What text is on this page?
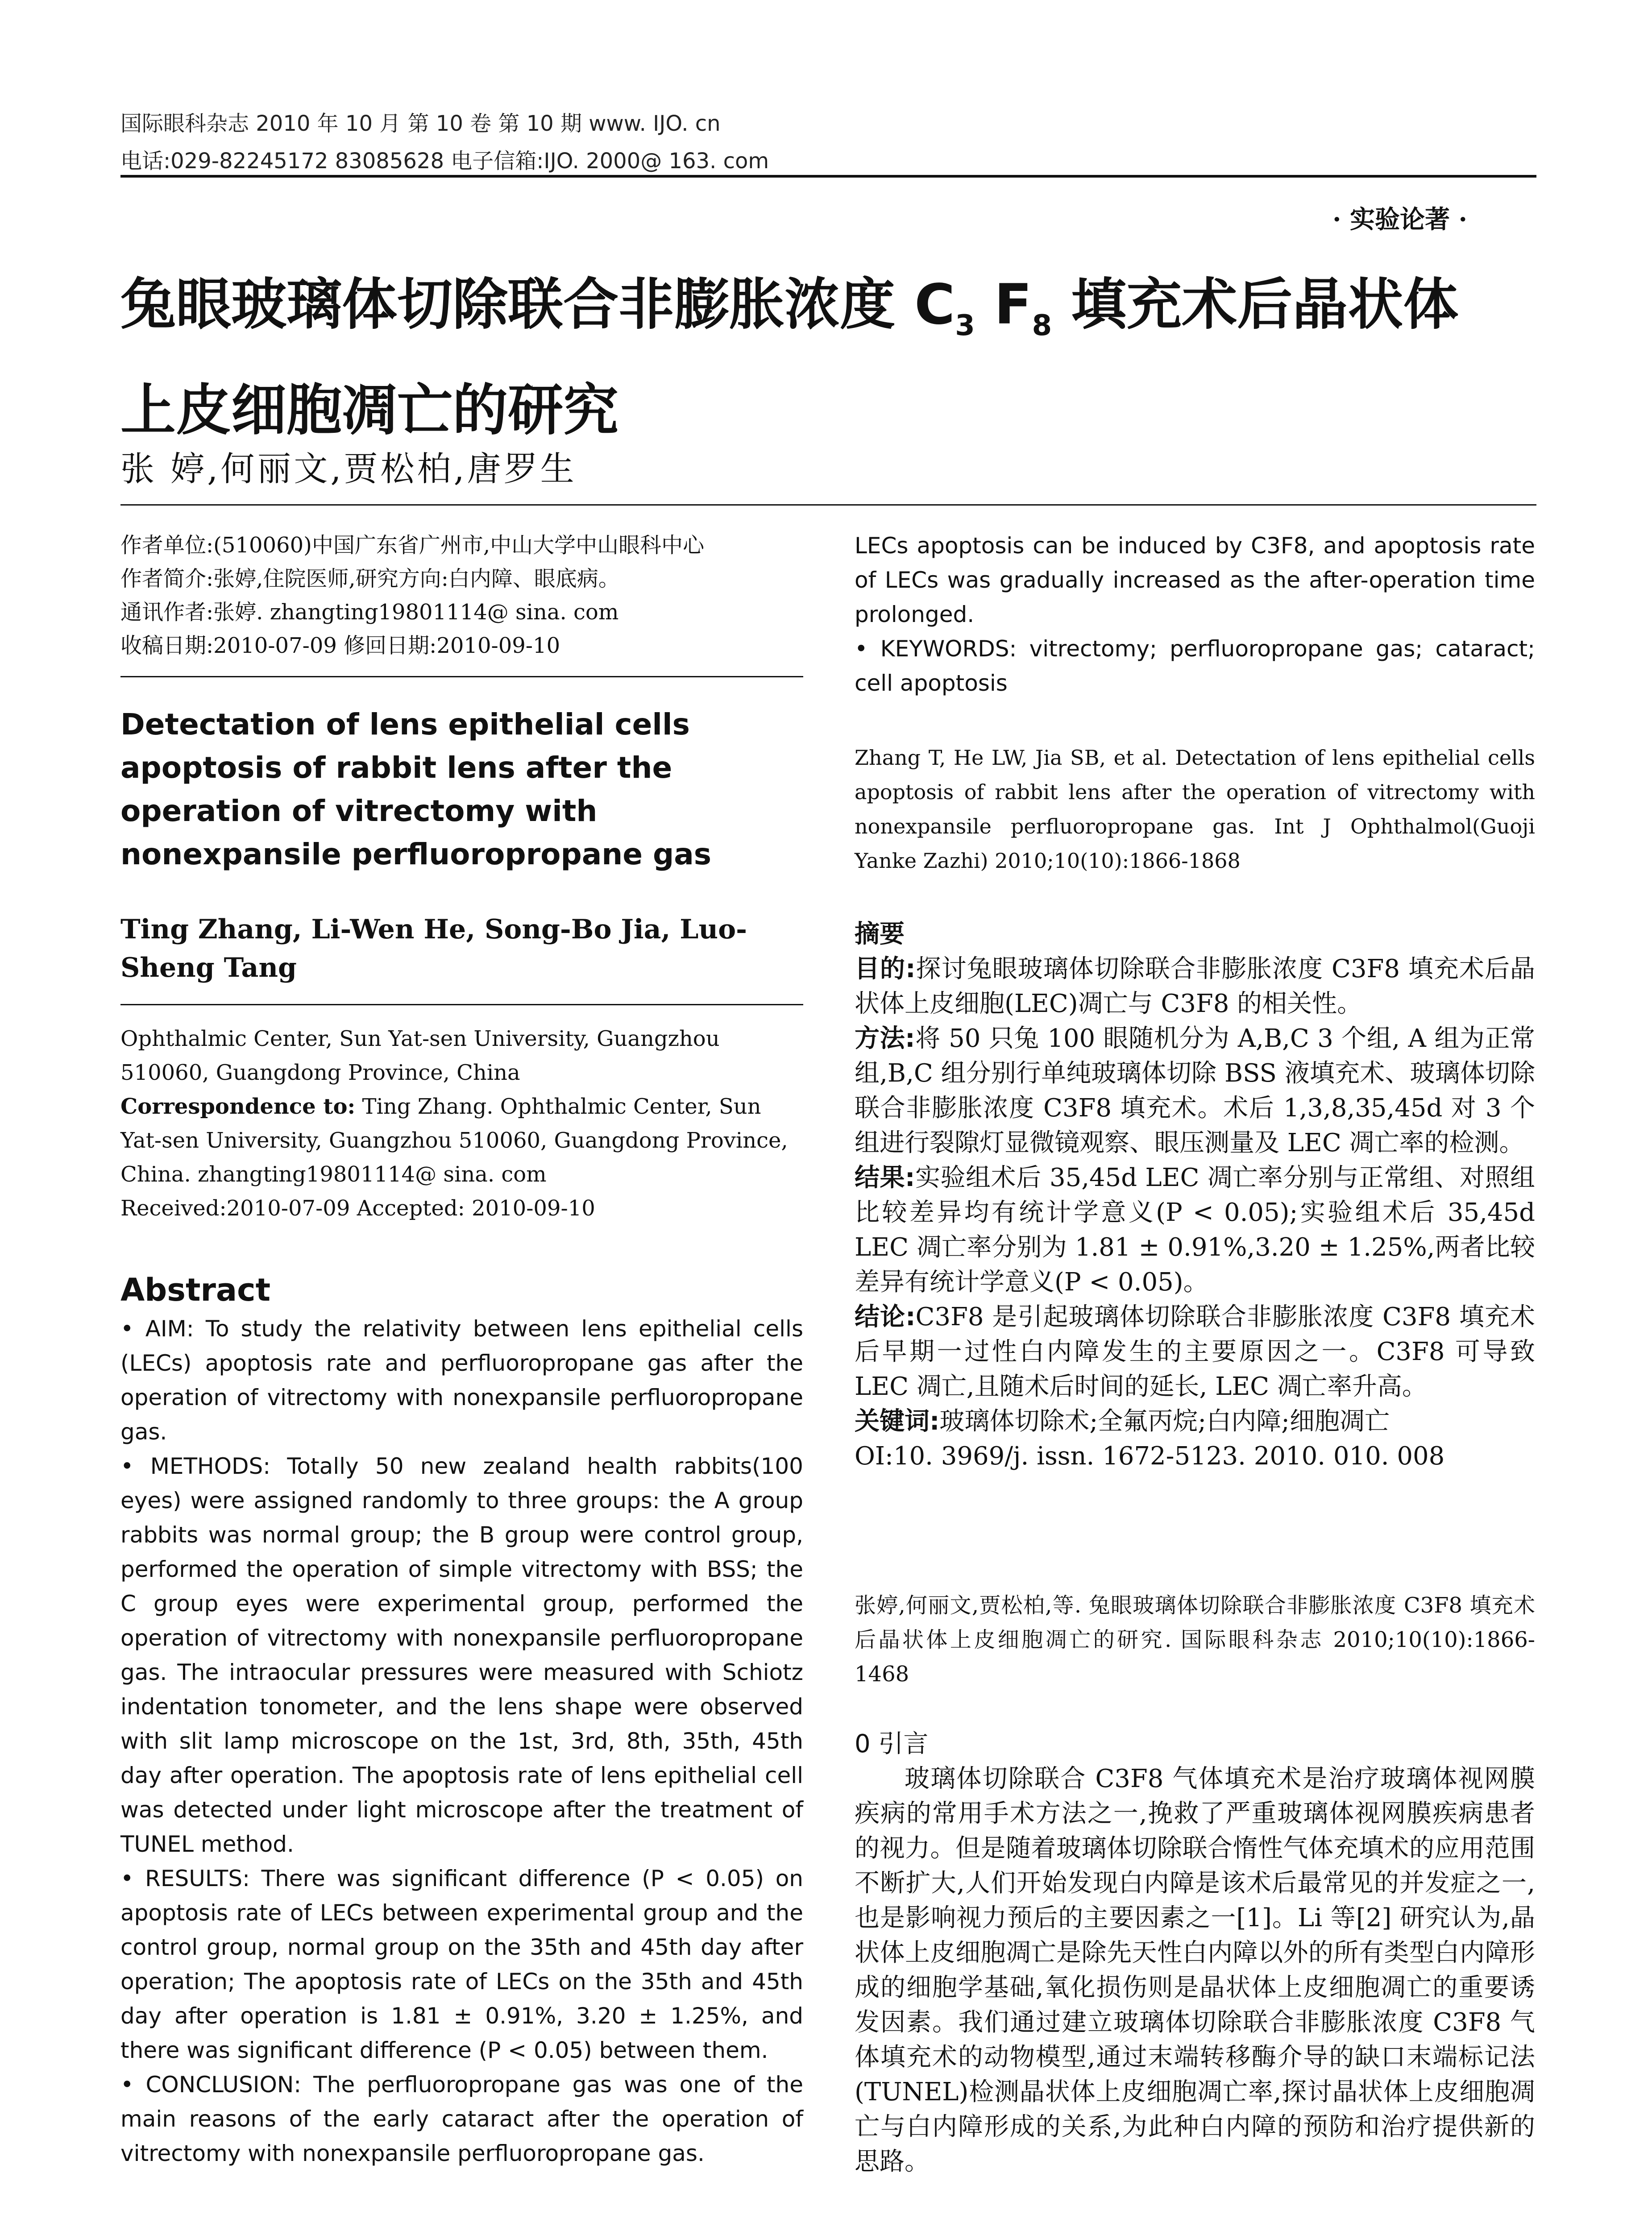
国际眼科杂志 2010 年 10 月 第 10 卷 第 10 期 www. IJO. cn
电话:029-82245172 83085628 电子信箱:IJO. 2000@ 163. com
· 实验论著 ·
兔眼玻璃体切除联合非膨胀浓度 $C_3$ $F_8$ 填充术后晶状体
上皮细胞凋亡的研究
张 婷,何丽文,贾松柏,唐罗生
作者单位:(510060)中国广东省广州市,中山大学中山眼科中心
作者简介:张婷,住院医师,研究方向:白内障、眼底病。
通讯作者:张婷. zhangting19801114@ sina. com
收稿日期:2010-07-09 修回日期:2010-09-10
Detectation of lens epithelial cells apoptosis of rabbit lens after the operation of vitrectomy with nonexpansile perfluoropropane gas
Ting Zhang, Li-Wen He, Song-Bo Jia, Luo-Sheng Tang
Ophthalmic Center, Sun Yat-sen University, Guangzhou 510060, Guangdong Province, China
Correspondence to: Ting Zhang. Ophthalmic Center, Sun Yat-sen University, Guangzhou 510060, Guangdong Province, China. zhangting19801114@ sina. com
Received:2010-07-09 Accepted: 2010-09-10
Abstract

• AIM: To study the relativity between lens epithelial cells (LECs) apoptosis rate and perfluoropropane gas after the operation of vitrectomy with nonexpansile perfluoropropane gas.

• METHODS: Totally 50 new zealand health rabbits(100 eyes) were assigned randomly to three groups: the A group rabbits was normal group; the B group were control group, performed the operation of simple vitrectomy with BSS; the C group eyes were experimental group, performed the operation of vitrectomy with nonexpansile perfluoropropane gas. The intraocular pressures were measured with Schiotz indentation tonometer, and the lens shape were observed with slit lamp microscope on the 1st, 3rd, 8th, 35th, 45th day after operation. The apoptosis rate of lens epithelial cell was detected under light microscope after the treatment of TUNEL method.

• RESULTS: There was significant difference (P < 0.05) on apoptosis rate of LECs between experimental group and the control group, normal group on the 35th and 45th day after operation; The apoptosis rate of LECs on the 35th and 45th day after operation is 1.81 ± 0.91%, 3.20 ± 1.25%, and there was significant difference (P < 0.05) between them.

• CONCLUSION: The perfluoropropane gas was one of the main reasons of the early cataract after the operation of vitrectomy with nonexpansile perfluoropropane gas.

LECs apoptosis can be induced by C3F8, and apoptosis rate of LECs was gradually increased as the after-operation time prolonged.

• KEYWORDS: vitrectomy; perfluoropropane gas; cataract; cell apoptosis

Zhang T, He LW, Jia SB, et al. Detectation of lens epithelial cells apoptosis of rabbit lens after the operation of vitrectomy with nonexpansile perfluoropropane gas. Int J Ophthalmol(Guoji Yanke Zazhi) 2010;10(10):1866-1868
摘要

目的:探讨兔眼玻璃体切除联合非膨胀浓度 C3F8 填充术后晶状体上皮细胞(LEC)凋亡与 C3F8 的相关性。

方法:将 50 只兔 100 眼随机分为 A,B,C 3 个组, A 组为正常组,B,C 组分别行单纯玻璃体切除 BSS 液填充术、玻璃体切除联合非膨胀浓度 C3F8 填充术。术后 1,3,8,35,45d 对 3 个组进行裂隙灯显微镜观察、眼压测量及 LEC 凋亡率的检测。

结果:实验组术后 35,45d LEC 凋亡率分别与正常组、对照组比较差异均有统计学意义(P < 0.05);实验组术后 35,45d LEC 凋亡率分别为 1.81 ± 0.91%,3.20 ± 1.25%,两者比较差异有统计学意义(P < 0.05)。

结论:C3F8 是引起玻璃体切除联合非膨胀浓度 C3F8 填充术后早期一过性白内障发生的主要原因之一。C3F8 可导致 LEC 凋亡,且随术后时间的延长, LEC 凋亡率升高。

关键词:玻璃体切除术;全氟丙烷;白内障;细胞凋亡

OI:10. 3969/j. issn. 1672-5123. 2010. 010. 008

张婷,何丽文,贾松柏,等. 兔眼玻璃体切除联合非膨胀浓度 C3F8 填充术后晶状体上皮细胞凋亡的研究. 国际眼科杂志 2010;10(10):1866-1468
0 引言

玻璃体切除联合 C3F8 气体填充术是治疗玻璃体视网膜疾病的常用手术方法之一,挽救了严重玻璃体视网膜疾病患者的视力。但是随着玻璃体切除联合惰性气体充填术的应用范围不断扩大,人们开始发现白内障是该术后最常见的并发症之一,也是影响视力预后的主要因素之一[1]。Li 等[2] 研究认为,晶状体上皮细胞凋亡是除先天性白内障以外的所有类型白内障形成的细胞学基础,氧化损伤则是晶状体上皮细胞凋亡的重要诱发因素。我们通过建立玻璃体切除联合非膨胀浓度 C3F8 气体填充术的动物模型,通过末端转移酶介导的缺口末端标记法(TUNEL)检测晶状体上皮细胞凋亡率,探讨晶状体上皮细胞凋亡与白内障形成的关系,为此种白内障的预防和治疗提供新的思路。
